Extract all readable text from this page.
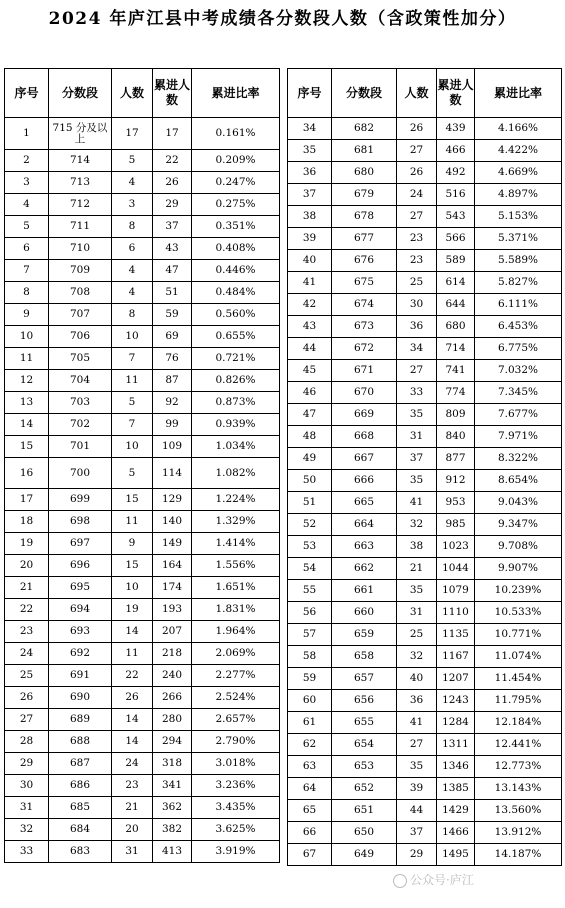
2024 年庐江县中考成绩各分数段人数（含政策性加分）
序号	分数段	人数	累进人数	累进比率
1	715 分及以上	17	17	0.161%
2	714	5	22	0.209%
3	713	4	26	0.247%
4	712	3	29	0.275%
5	711	8	37	0.351%
6	710	6	43	0.408%
7	709	4	47	0.446%
8	708	4	51	0.484%
9	707	8	59	0.560%
10	706	10	69	0.655%
11	705	7	76	0.721%
12	704	11	87	0.826%
13	703	5	92	0.873%
14	702	7	99	0.939%
15	701	10	109	1.034%
16	700	5	114	1.082%
17	699	15	129	1.224%
18	698	11	140	1.329%
19	697	9	149	1.414%
20	696	15	164	1.556%
21	695	10	174	1.651%
22	694	19	193	1.831%
23	693	14	207	1.964%
24	692	11	218	2.069%
25	691	22	240	2.277%
26	690	26	266	2.524%
27	689	14	280	2.657%
28	688	14	294	2.790%
29	687	24	318	3.018%
30	686	23	341	3.236%
31	685	21	362	3.435%
32	684	20	382	3.625%
33	683	31	413	3.919%
序号	分数段	人数	累进人数	累进比率
34	682	26	439	4.166%
35	681	27	466	4.422%
36	680	26	492	4.669%
37	679	24	516	4.897%
38	678	27	543	5.153%
39	677	23	566	5.371%
40	676	23	589	5.589%
41	675	25	614	5.827%
42	674	30	644	6.111%
43	673	36	680	6.453%
44	672	34	714	6.775%
45	671	27	741	7.032%
46	670	33	774	7.345%
47	669	35	809	7.677%
48	668	31	840	7.971%
49	667	37	877	8.322%
50	666	35	912	8.654%
51	665	41	953	9.043%
52	664	32	985	9.347%
53	663	38	1023	9.708%
54	662	21	1044	9.907%
55	661	35	1079	10.239%
56	660	31	1110	10.533%
57	659	25	1135	10.771%
58	658	32	1167	11.074%
59	657	40	1207	11.454%
60	656	36	1243	11.795%
61	655	41	1284	12.184%
62	654	27	1311	12.441%
63	653	35	1346	12.773%
64	652	39	1385	13.143%
65	651	44	1429	13.560%
66	650	37	1466	13.912%
67	649	29	1495	14.187%
公众号·庐江
